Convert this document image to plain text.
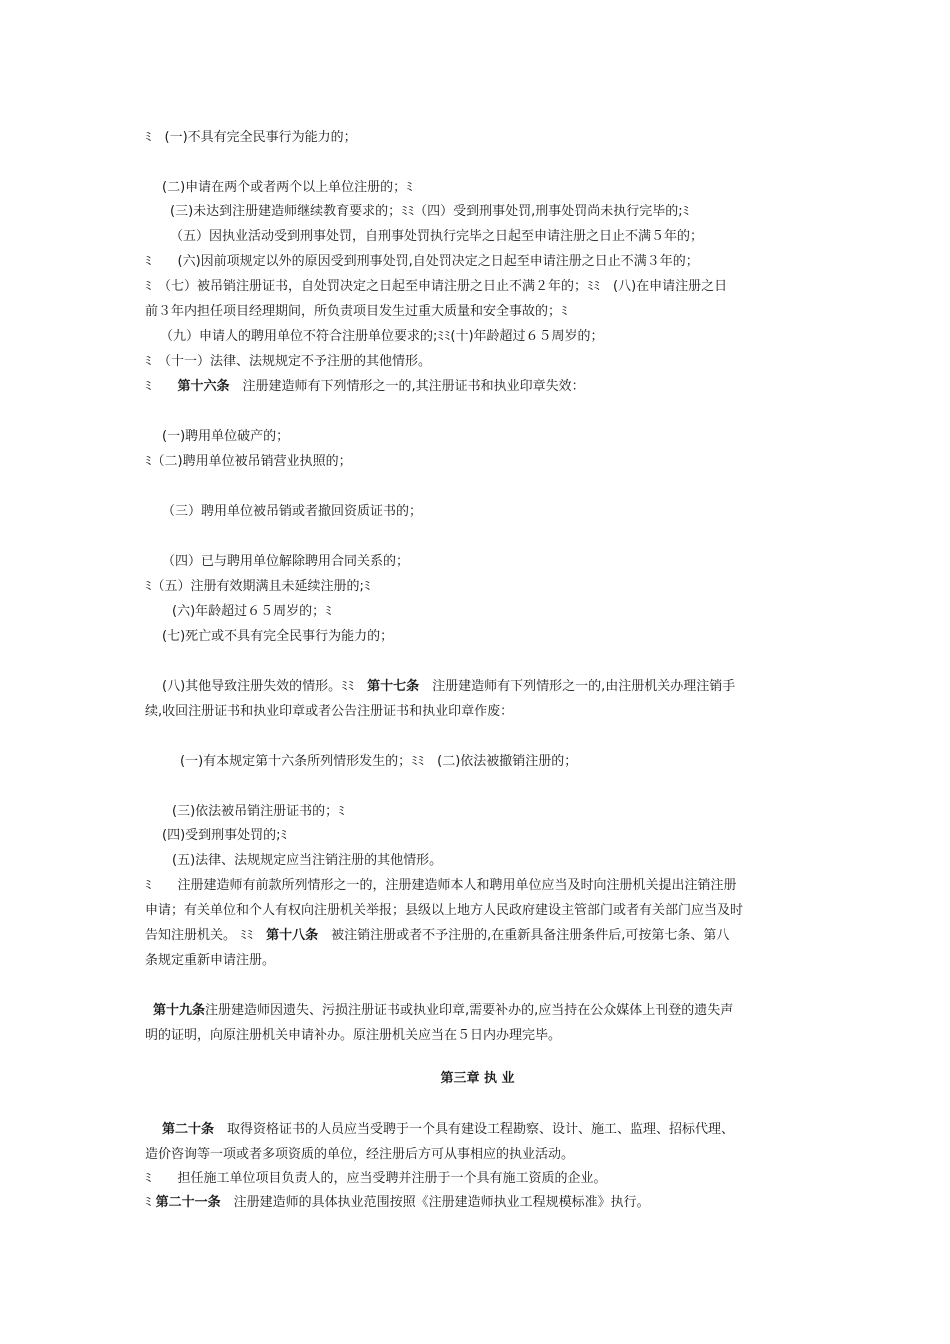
ﾐ　(一)不具有完全民事行为能力的；
(二)申请在两个或者两个以上单位注册的；ﾐ
(三)未达到注册建造师继续教育要求的；ﾐﾐ（四）受到刑事处罚,刑事处罚尚未执行完毕的;ﾐ
（五）因执业活动受到刑事处罚，自刑事处罚执行完毕之日起至申请注册之日止不满５年的；
ﾐ　　(六)因前项规定以外的原因受到刑事处罚,自处罚决定之日起至申请注册之日止不满３年的；
ﾐ　（七）被吊销注册证书，自处罚决定之日起至申请注册之日止不满２年的；ﾐﾐ　(八)在申请注册之日
前３年内担任项目经理期间，所负责项目发生过重大质量和安全事故的；ﾐ
（九）申请人的聘用单位不符合注册单位要求的;ﾐﾐ(十)年龄超过６５周岁的；
ﾐ　（十一）法律、法规规定不予注册的其他情形。
ﾐ　　第十六条　注册建造师有下列情形之一的,其注册证书和执业印章失效：
(一)聘用单位破产的；
ﾐ（二)聘用单位被吊销营业执照的；
（三）聘用单位被吊销或者撤回资质证书的；
（四）已与聘用单位解除聘用合同关系的；
ﾐ（五）注册有效期满且未延续注册的;ﾐ
(六)年龄超过６５周岁的；ﾐ
(七)死亡或不具有完全民事行为能力的；
(八)其他导致注册失效的情形。ﾐﾐ　第十七条　注册建造师有下列情形之一的,由注册机关办理注销手
续,收回注册证书和执业印章或者公告注册证书和执业印章作废：
(一)有本规定第十六条所列情形发生的；ﾐﾐ　(二)依法被撤销注册的；
(三)依法被吊销注册证书的；ﾐ
(四)受到刑事处罚的;ﾐ
(五)法律、法规规定应当注销注册的其他情形。
ﾐ　　注册建造师有前款所列情形之一的，注册建造师本人和聘用单位应当及时向注册机关提出注销注册
申请；有关单位和个人有权向注册机关举报；县级以上地方人民政府建设主管部门或者有关部门应当及时
告知注册机关。 ﾐﾐ　第十八条　被注销注册或者不予注册的,在重新具备注册条件后,可按第七条、第八
条规定重新申请注册。
第十九条注册建造师因遗失、污损注册证书或执业印章,需要补办的,应当持在公众媒体上刊登的遗失声
明的证明，向原注册机关申请补办。原注册机关应当在５日内办理完毕。
第三章 执 业
第二十条　取得资格证书的人员应当受聘于一个具有建设工程勘察、设计、施工、监理、招标代理、
造价咨询等一项或者多项资质的单位，经注册后方可从事相应的执业活动。
ﾐ　　担任施工单位项目负责人的，应当受聘并注册于一个具有施工资质的企业。
ﾐ 第二十一条　注册建造师的具体执业范围按照《注册建造师执业工程规模标准》执行。
